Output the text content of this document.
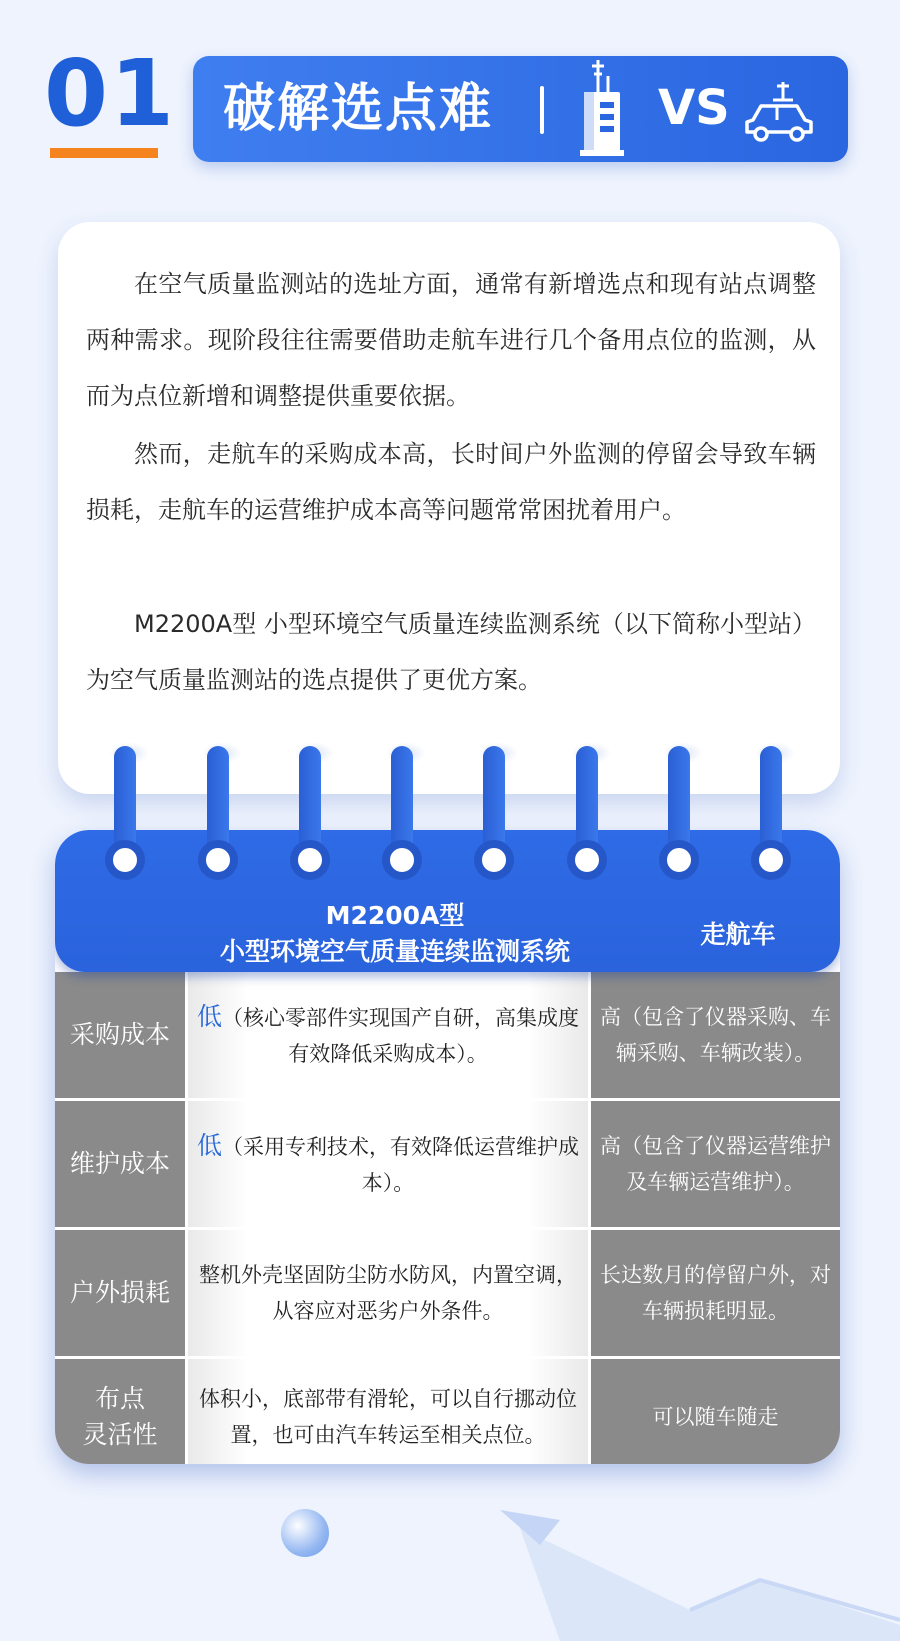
01 破解选点难	VS

在空气质量监测站的选址方面，通常有新增选点和现有站点调整两种需求。现阶段往往需要借助走航车进行几个备用点位的监测，从而为点位新增和调整提供重要依据。

然而，走航车的采购成本高，长时间户外监测的停留会导致车辆损耗，走航车的运营维护成本高等问题常常困扰着用户。

M2200A型 小型环境空气质量连续监测系统（以下简称小型站）为空气质量监测站的选点提供了更优方案。

M2200A型
小型环境空气质量连续监测系统
走航车
采购成本
低（核心零部件实现国产自研，高集成度有效降低采购成本）。
高（包含了仪器采购、车辆采购、车辆改装）。
维护成本
低（采用专利技术，有效降低运营维护成本）。
高（包含了仪器运营维护及车辆运营维护）。
户外损耗
整机外壳坚固防尘防水防风，内置空调，从容应对恶劣户外条件。
长达数月的停留户外，对车辆损耗明显。
布点
灵活性
体积小，底部带有滑轮，可以自行挪动位置，也可由汽车转运至相关点位。
可以随车随走
